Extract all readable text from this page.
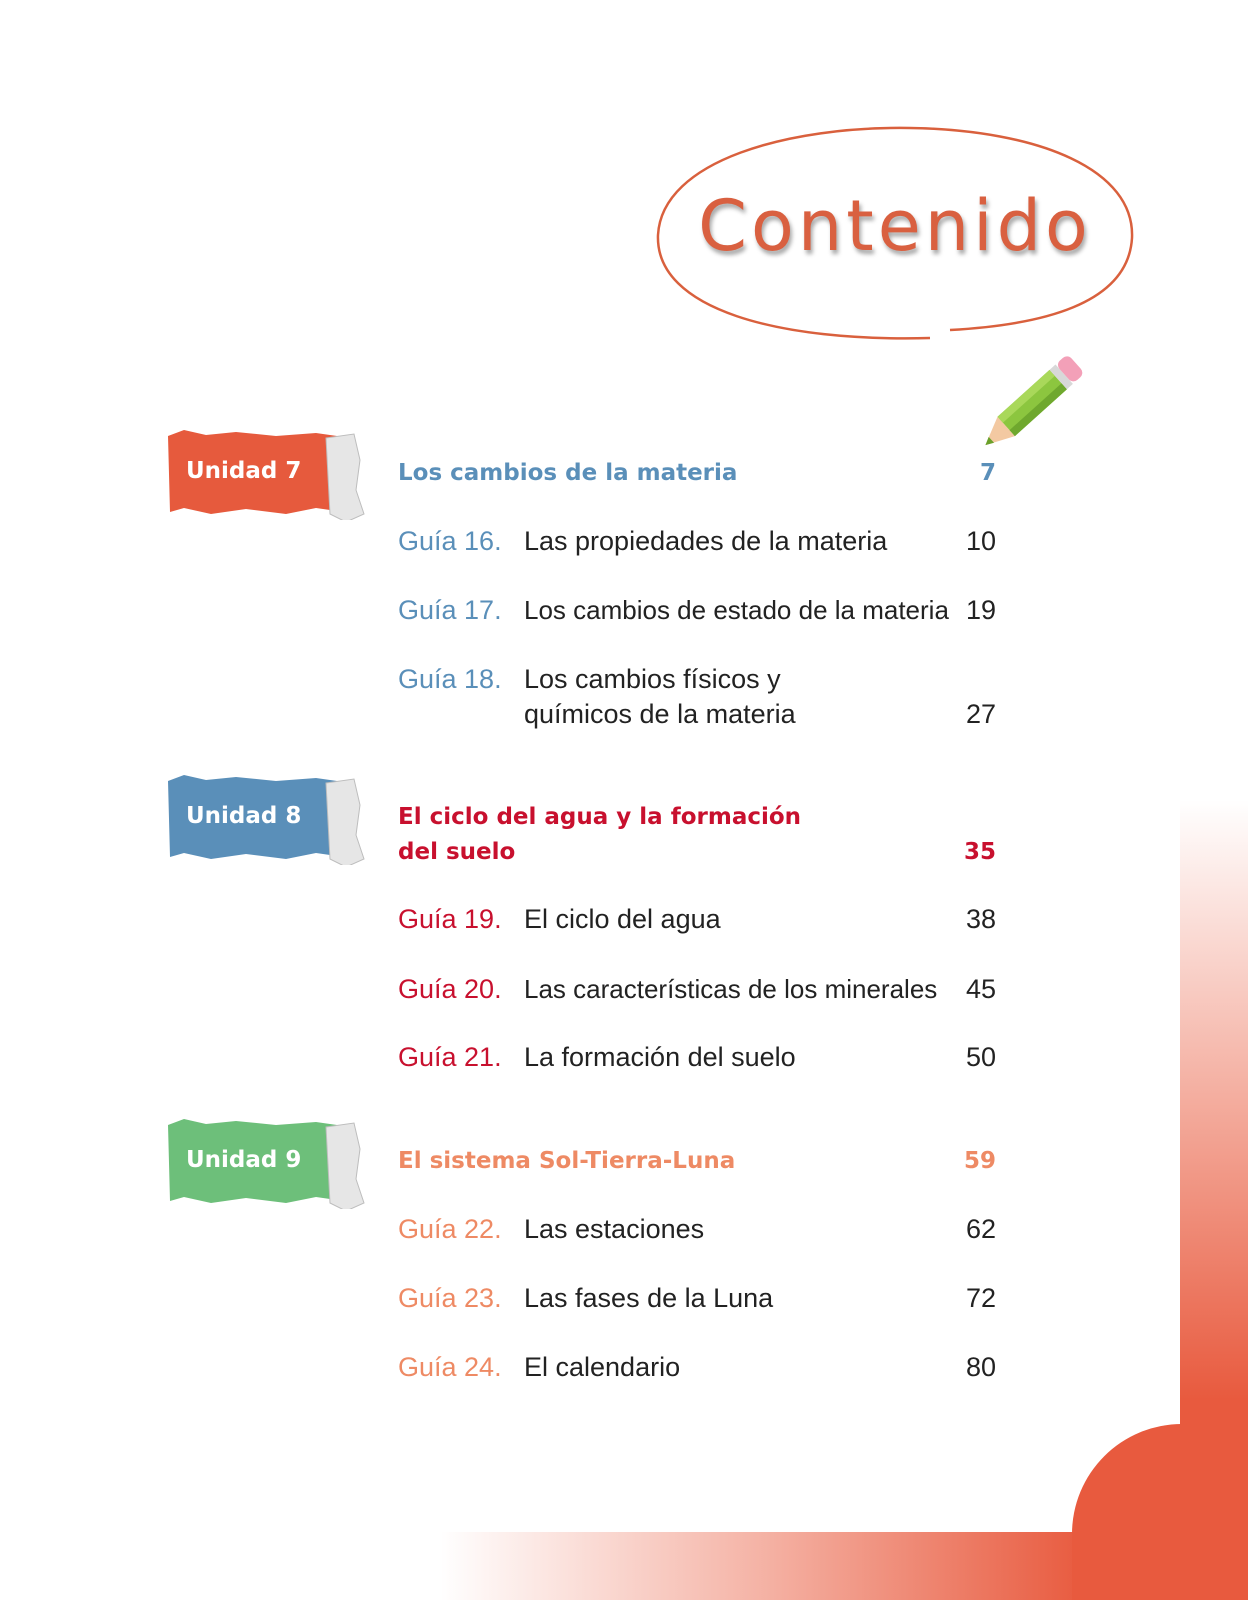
Contenido
Unidad 7	Los cambios de la materia	7
Guía 16. Las propiedades de la materia	10
Guía 17. Los cambios de estado de la materia 19
Guía 18. Los cambios físicos y químicos de la materia	27
Unidad 8	El ciclo del agua y la formación del suelo	35
Guía 19. El ciclo del agua	38
Guía 20. Las características de los minerales	45
Guía 21. La formación del suelo	50
Unidad 9	El sistema Sol-Tierra-Luna	59
Guía 22. Las estaciones	62
Guía 23. Las fases de la Luna	72
Guía 24. El calendario	80
